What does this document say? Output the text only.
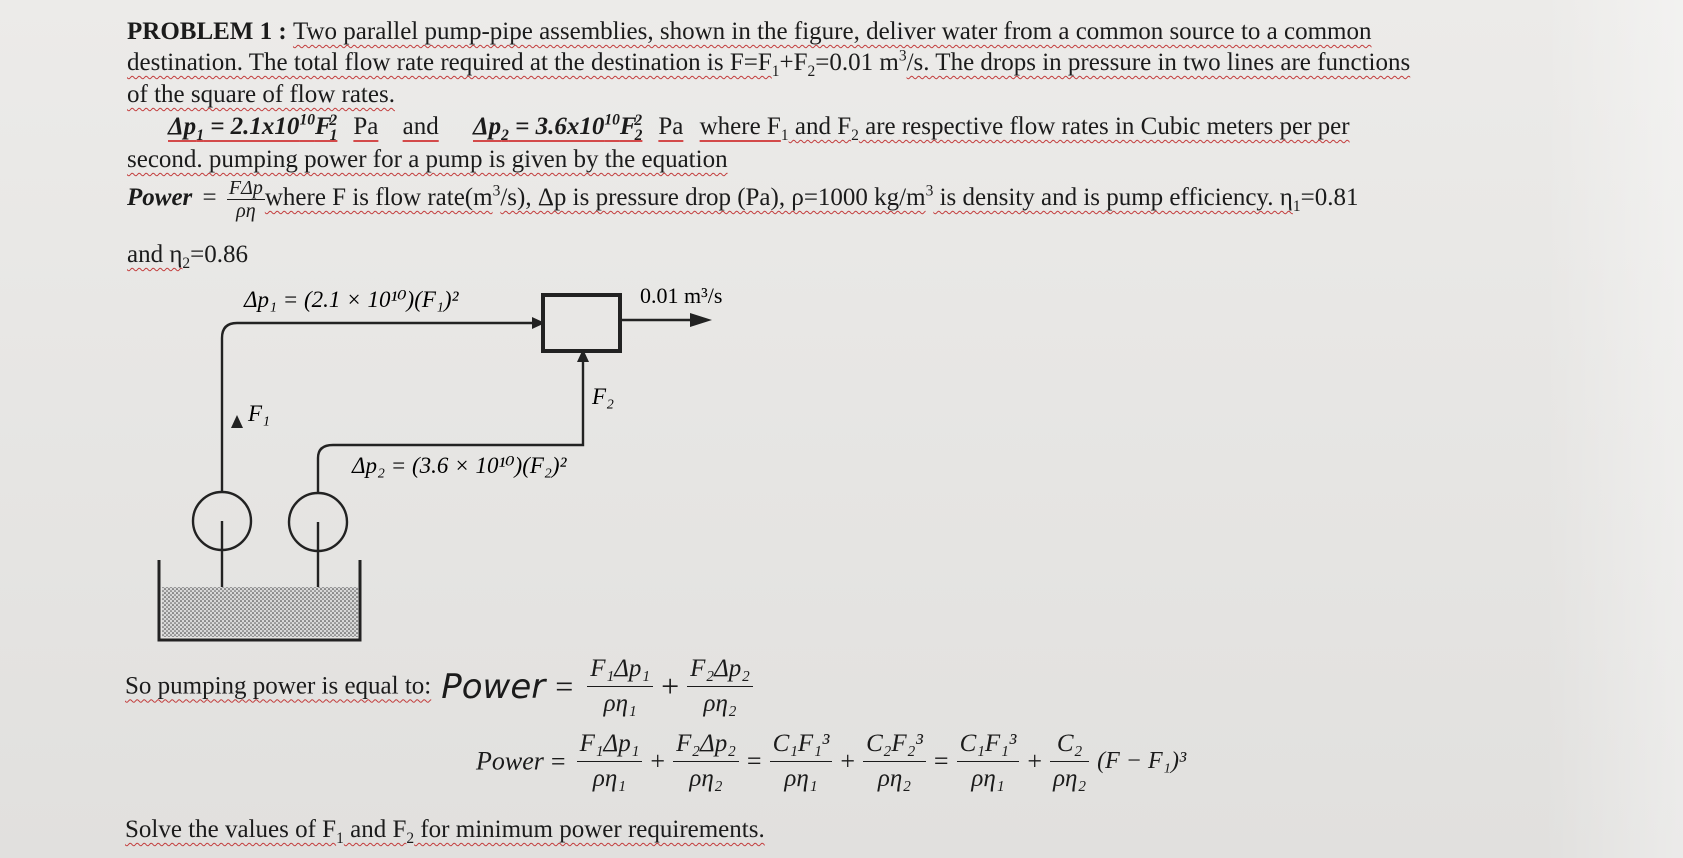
PROBLEM 1 : Two parallel pump-pipe assemblies, shown in the figure, deliver water from a common source to a common
destination. The total flow rate required at the destination is $F=F_1+F_2=0.01$ $m^3/s$. The drops in pressure in two lines are functions
of the square of flow rates.
$\Delta p_1 = 2.1x10^{10}F_1^2$ Pa and $\Delta p_2 = 3.6x10^{10}F_2^2$ Pa where $F_1$ and $F_2$ are respective flow rates in Cubic meters per per
second. pumping power for a pump is given by the equation
Power = $\frac{\text{FΔp}}{\rho\eta}$ where F is flow $rate(m^3/s)$, Δp is pressure drop (Pa), ρ=1000 $kg/m^3$ is density and is pump efficiency. $\eta_1=0.81$
and $\eta_2=0.86$
Δp₁ = (2.1 × 10¹⁰)(F₁)²
Δp₂ = (3.6 × 10¹⁰)(F₂)²
0.01 m³/s
F₁
F₂
So pumping power is equal to: Power = $\frac{\text{F₁Δp₁}}{\text{ρη₁}} + \frac{\text{F₂Δp₂}}{\text{ρη₂}}$
Power = $\frac{\text{F₁Δp₁}}{\text{ρη₁}} + \frac{\text{F₂Δp₂}}{\text{ρη₂}} = \frac{\text{C₁F₁³}}{\text{ρη₁}} + \frac{\text{C₂F₂³}}{\text{ρη₂}} = \frac{\text{C₁F₁³}}{\text{ρη₁}} + \frac{\text{C₂}}{\text{ρη₂}} (F - F_1)^3$
Solve the values of $F_1$ and $F_2$ for minimum power requirements.
